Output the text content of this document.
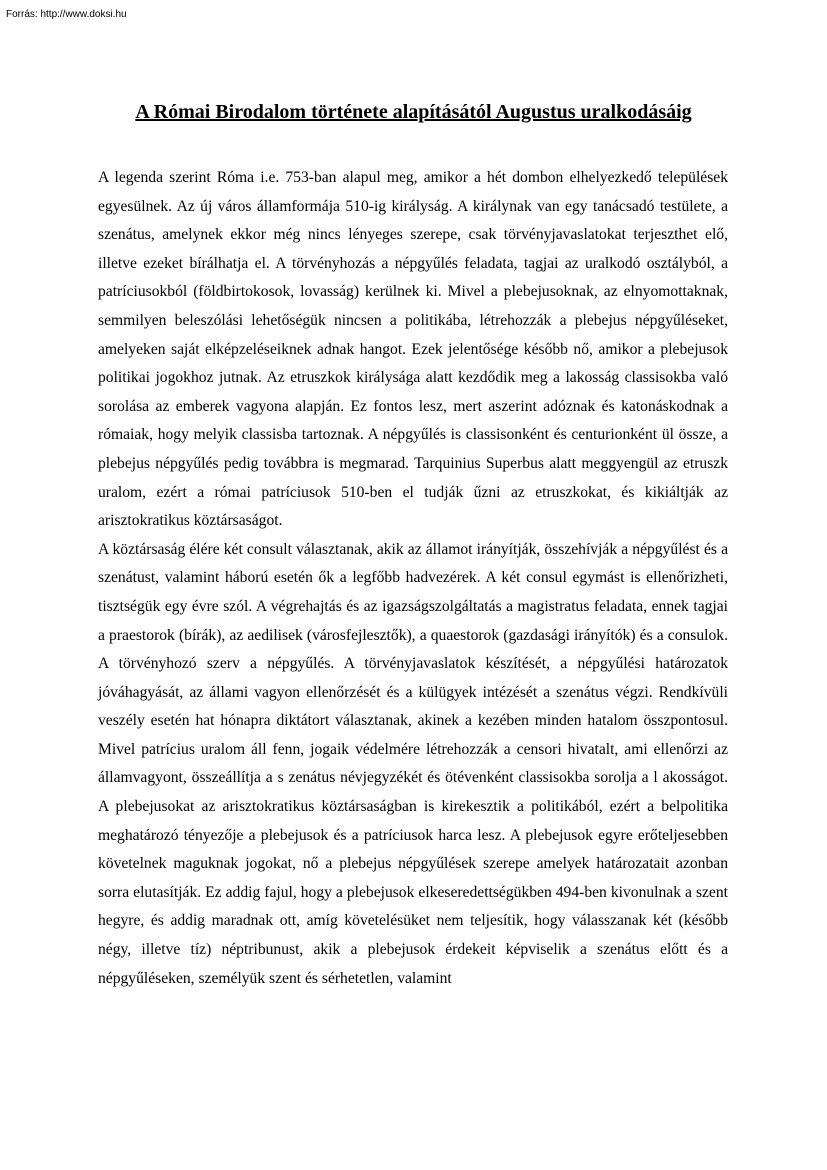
Forrás: http://www.doksi.hu
A Római Birodalom története alapításától Augustus uralkodásáig

A legenda szerint Róma i.e. 753-ban alapul meg, amikor a hét dombon elhelyezkedő települések egyesülnek. Az új város államformája 510-ig királyság. A királynak van egy tanácsadó testülete, a szenátus, amelynek ekkor még nincs lényeges szerepe, csak törvényjavaslatokat terjeszthet elő, illetve ezeket bírálhatja el. A törvényhozás a népgyűlés feladata, tagjai az uralkodó osztályból, a patríciusokból (földbirtokosok, lovasság) kerülnek ki. Mivel a plebejusoknak, az elnyomottaknak, semmilyen beleszólási lehetőségük nincsen a politikába, létrehozzák a plebejus népgyűléseket, amelyeken saját elképzeléseiknek adnak hangot. Ezek jelentősége később nő, amikor a plebejusok politikai jogokhoz jutnak. Az etruszkok királysága alatt kezdődik meg a lakosság classisokba való sorolása az emberek vagyona alapján. Ez fontos lesz, mert aszerint adóznak és katonáskodnak a rómaiak, hogy melyik classisba tartoznak. A népgyűlés is classisonként és centurionként ül össze, a plebejus népgyűlés pedig továbbra is megmarad. Tarquinius Superbus alatt meggyengül az etruszk uralom, ezért a római patríciusok 510-ben el tudják űzni az etruszkokat, és kikiáltják az arisztokratikus köztársaságot.

A köztársaság élére két consult választanak, akik az államot irányítják, összehívják a népgyűlést és a szenátust, valamint háború esetén ők a legfőbb hadvezérek. A két consul egymást is ellenőrizheti, tisztségük egy évre szól. A végrehajtás és az igazságszolgáltatás a magistratus feladata, ennek tagjai a praestorok (bírák), az aedilisek (városfejlesztők), a quaestorok (gazdasági irányítók) és a consulok. A törvényhozó szerv a népgyűlés. A törvényjavaslatok készítését, a népgyűlési határozatok jóváhagyását, az állami vagyon ellenőrzését és a külügyek intézését a szenátus végzi. Rendkívüli veszély esetén hat hónapra diktátort választanak, akinek a kezében minden hatalom összpontosul. Mivel patrícius uralom áll fenn, jogaik védelmére létrehozzák a censori hivatalt, ami ellenőrzi az államvagyont, összeállítja a s zenátus névjegyzékét és ötévenként classisokba sorolja a l akosságot. A plebejusokat az arisztokratikus köztársaságban is kirekesztik a politikából, ezért a belpolitika meghatározó tényezője a plebejusok és a patríciusok harca lesz. A plebejusok egyre erőteljesebben követelnek maguknak jogokat, nő a plebejus népgyűlések szerepe amelyek határozatait azonban sorra elutasítják. Ez addig fajul, hogy a plebejusok elkeseredettségükben 494-ben kivonulnak a szent hegyre, és addig maradnak ott, amíg követelésüket nem teljesítik, hogy válasszanak két (később négy, illetve tíz) néptribunust, akik a plebejusok érdekeit képviselik a szenátus előtt és a népgyűléseken, személyük szent és sérhetetlen, valamint
